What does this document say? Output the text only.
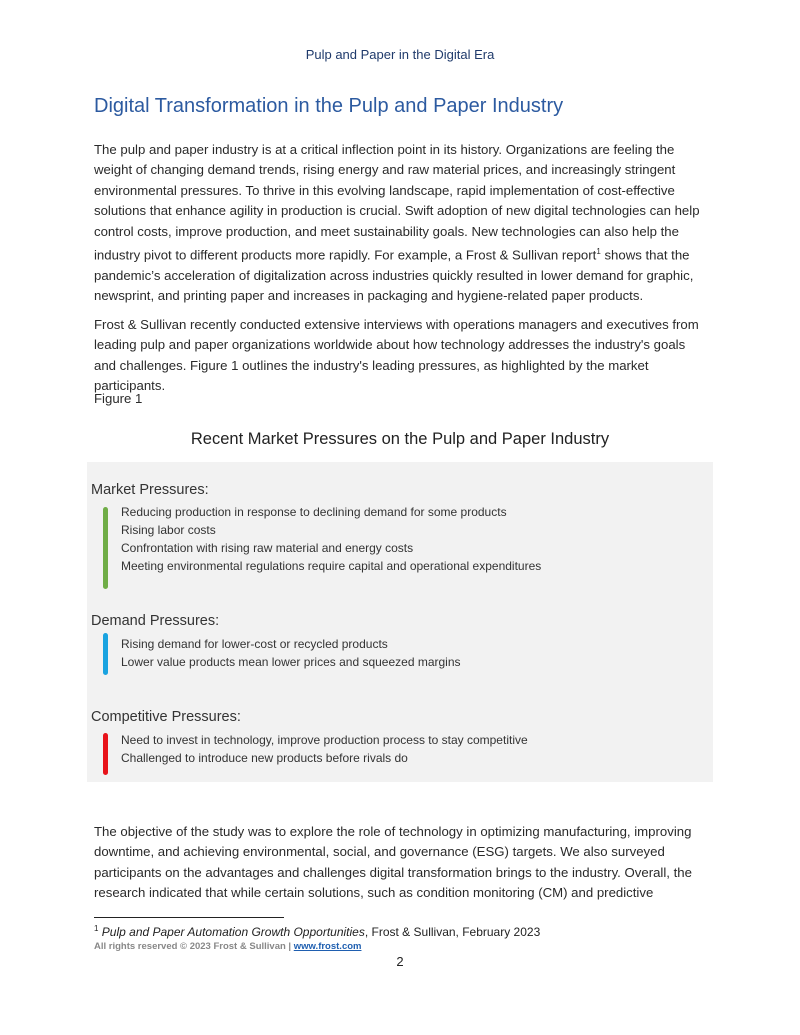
Pulp and Paper in the Digital Era
Digital Transformation in the Pulp and Paper Industry
The pulp and paper industry is at a critical inflection point in its history. Organizations are feeling the weight of changing demand trends, rising energy and raw material prices, and increasingly stringent environmental pressures. To thrive in this evolving landscape, rapid implementation of cost-effective solutions that enhance agility in production is crucial. Swift adoption of new digital technologies can help control costs, improve production, and meet sustainability goals. New technologies can also help the industry pivot to different products more rapidly. For example, a Frost & Sullivan report$^1$ shows that the pandemic’s acceleration of digitalization across industries quickly resulted in lower demand for graphic, newsprint, and printing paper and increases in packaging and hygiene-related paper products.
Frost & Sullivan recently conducted extensive interviews with operations managers and executives from leading pulp and paper organizations worldwide about how technology addresses the industry's goals and challenges. Figure 1 outlines the industry's leading pressures, as highlighted by the market participants.
Figure 1
Recent Market Pressures on the Pulp and Paper Industry
Market Pressures:
Reducing production in response to declining demand for some products
Rising labor costs
Confrontation with rising raw material and energy costs
Meeting environmental regulations require capital and operational expenditures
Demand Pressures:
Rising demand for lower-cost or recycled products
Lower value products mean lower prices and squeezed margins
Competitive Pressures:
Need to invest in technology, improve production process to stay competitive
Challenged to introduce new products before rivals do
The objective of the study was to explore the role of technology in optimizing manufacturing, improving downtime, and achieving environmental, social, and governance (ESG) targets. We also surveyed participants on the advantages and challenges digital transformation brings to the industry. Overall, the research indicated that while certain solutions, such as condition monitoring (CM) and predictive
$^1$ Pulp and Paper Automation Growth Opportunities, Frost & Sullivan, February 2023
All rights reserved © 2023 Frost & Sullivan | www.frost.com
2
